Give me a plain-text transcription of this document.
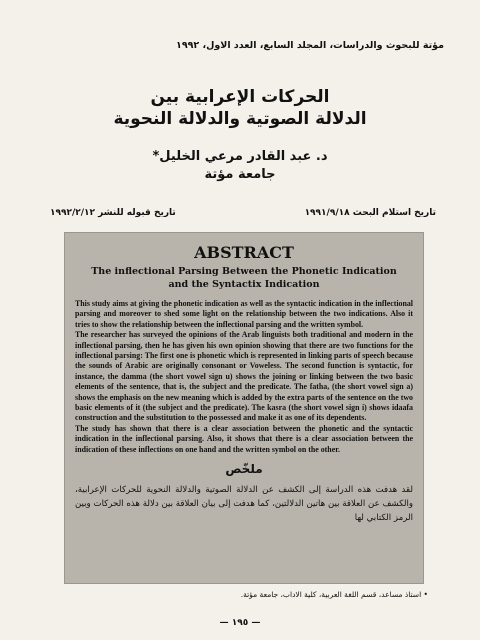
مؤتة للبحوث والدراسات، المجلد السابع، العدد الاول، ١٩٩٢
الحركات الإعرابية بين
الدلالة الصوتية والدلالة النحوية
د. عبد القادر مرعي الخليل*
جامعة مؤتة
تاريخ استلام البحث ١٩٩١/٩/١٨
تاريخ قبوله للنشر ١٩٩٢/٢/١٢
ABSTRACT
The inflectional Parsing Between the Phonetic Indication
and the Syntactix Indication

This study aims at giving the phonetic indication as well as the syntactic indication in the inflectional parsing and moreover to shed some light on the relationship between the two indications. Also it tries to show the relationship between the inflectional parsing and the written symbol.

The researcher has surveyed the opinions of the Arab linguists both traditional and modern in the inflectional parsing, then he has given his own opinion showing that there are two functions for the inflectional parsing: The first one is phonetic which is represented in linking parts of speech because the sounds of Arabic are originally consonant or Voweless. The second function is syntactic, for instance, the damma (the short vowel sign u) shows the joining or linking between the two basic elements of the sentence, that is, the subject and the predicate. The fatha, (the short vowel sign a) shows the emphasis on the new meaning which is added by the extra parts of the sentence on the two basic elements of it (the subject and the predicate). The kasra (the short vowel sign i) shows idaafa construction and the substitution to the possessed and make it as one of its dependents.

The study has shown that there is a clear association between the phonetic and the syntactic indication in the inflectional parsing. Also, it shows that there is a clear association between the indication of these inflections on one hand and the written symbol on the other.

ملخّص
لقد هدفت هذه الدراسة إلى الكشف عن الدلالة الصوتية والدلالة النحوية للحركات الإعرابية، والكشف عن العلاقة بين هاتين الدلالتين، كما هدفت إلى بيان العلاقة بين دلالة هذه الحركات وبين الرمز الكتابي لها
• استاذ مساعد، قسم اللغة العربية، كلية الاداب، جامعة مؤتة.
— ١٩٥ —
